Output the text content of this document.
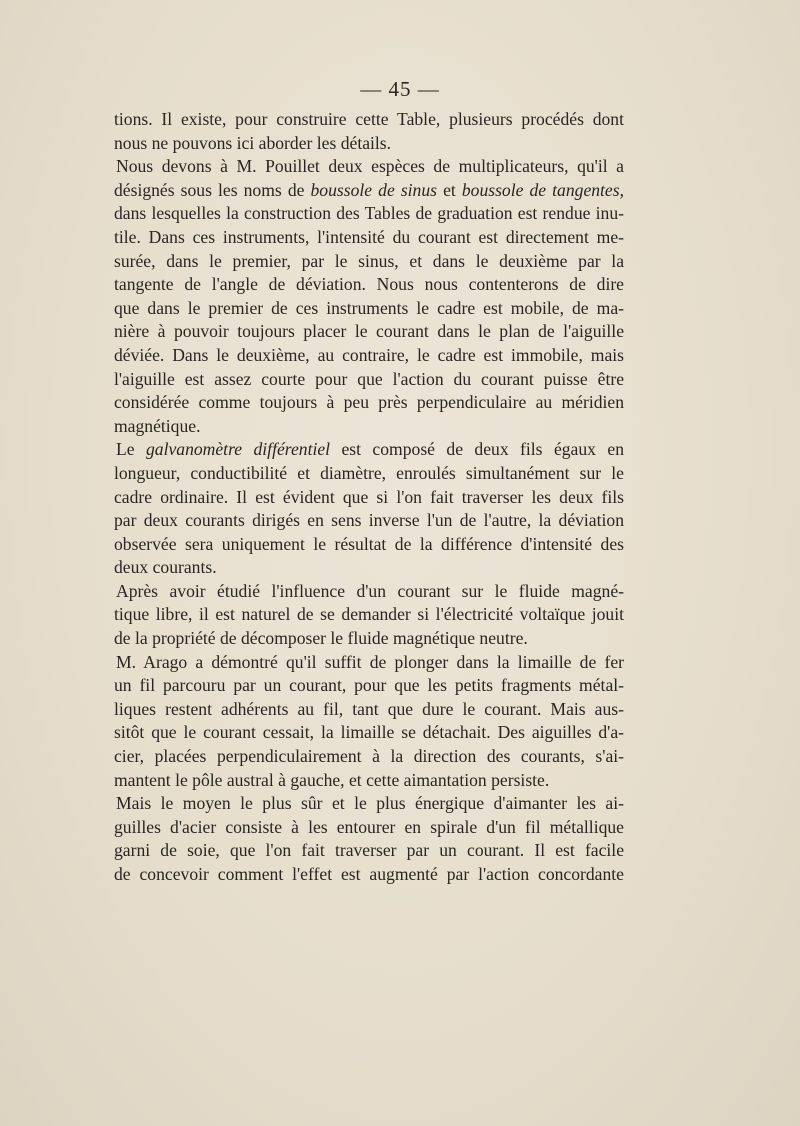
— 45 —
tions. Il existe, pour construire cette Table, plusieurs procédés dont
nous ne pouvons ici aborder les détails.
Nous devons à M. Pouillet deux espèces de multiplicateurs, qu'il a
désignés sous les noms de boussole de sinus et boussole de tangentes,
dans lesquelles la construction des Tables de graduation est rendue inu-
tile. Dans ces instruments, l'intensité du courant est directement me-
surée, dans le premier, par le sinus, et dans le deuxième par la
tangente de l'angle de déviation. Nous nous contenterons de dire
que dans le premier de ces instruments le cadre est mobile, de ma-
nière à pouvoir toujours placer le courant dans le plan de l'aiguille
déviée. Dans le deuxième, au contraire, le cadre est immobile, mais
l'aiguille est assez courte pour que l'action du courant puisse être
considérée comme toujours à peu près perpendiculaire au méridien
magnétique.
Le galvanomètre différentiel est composé de deux fils égaux en
longueur, conductibilité et diamètre, enroulés simultanément sur le
cadre ordinaire. Il est évident que si l'on fait traverser les deux fils
par deux courants dirigés en sens inverse l'un de l'autre, la déviation
observée sera uniquement le résultat de la différence d'intensité des
deux courants.
Après avoir étudié l'influence d'un courant sur le fluide magné-
tique libre, il est naturel de se demander si l'électricité voltaïque jouit
de la propriété de décomposer le fluide magnétique neutre.
M. Arago a démontré qu'il suffit de plonger dans la limaille de fer
un fil parcouru par un courant, pour que les petits fragments métal-
liques restent adhérents au fil, tant que dure le courant. Mais aus-
sitôt que le courant cessait, la limaille se détachait. Des aiguilles d'a-
cier, placées perpendiculairement à la direction des courants, s'ai-
mantent le pôle austral à gauche, et cette aimantation persiste.
Mais le moyen le plus sûr et le plus énergique d'aimanter les ai-
guilles d'acier consiste à les entourer en spirale d'un fil métallique
garni de soie, que l'on fait traverser par un courant. Il est facile
de concevoir comment l'effet est augmenté par l'action concordante
